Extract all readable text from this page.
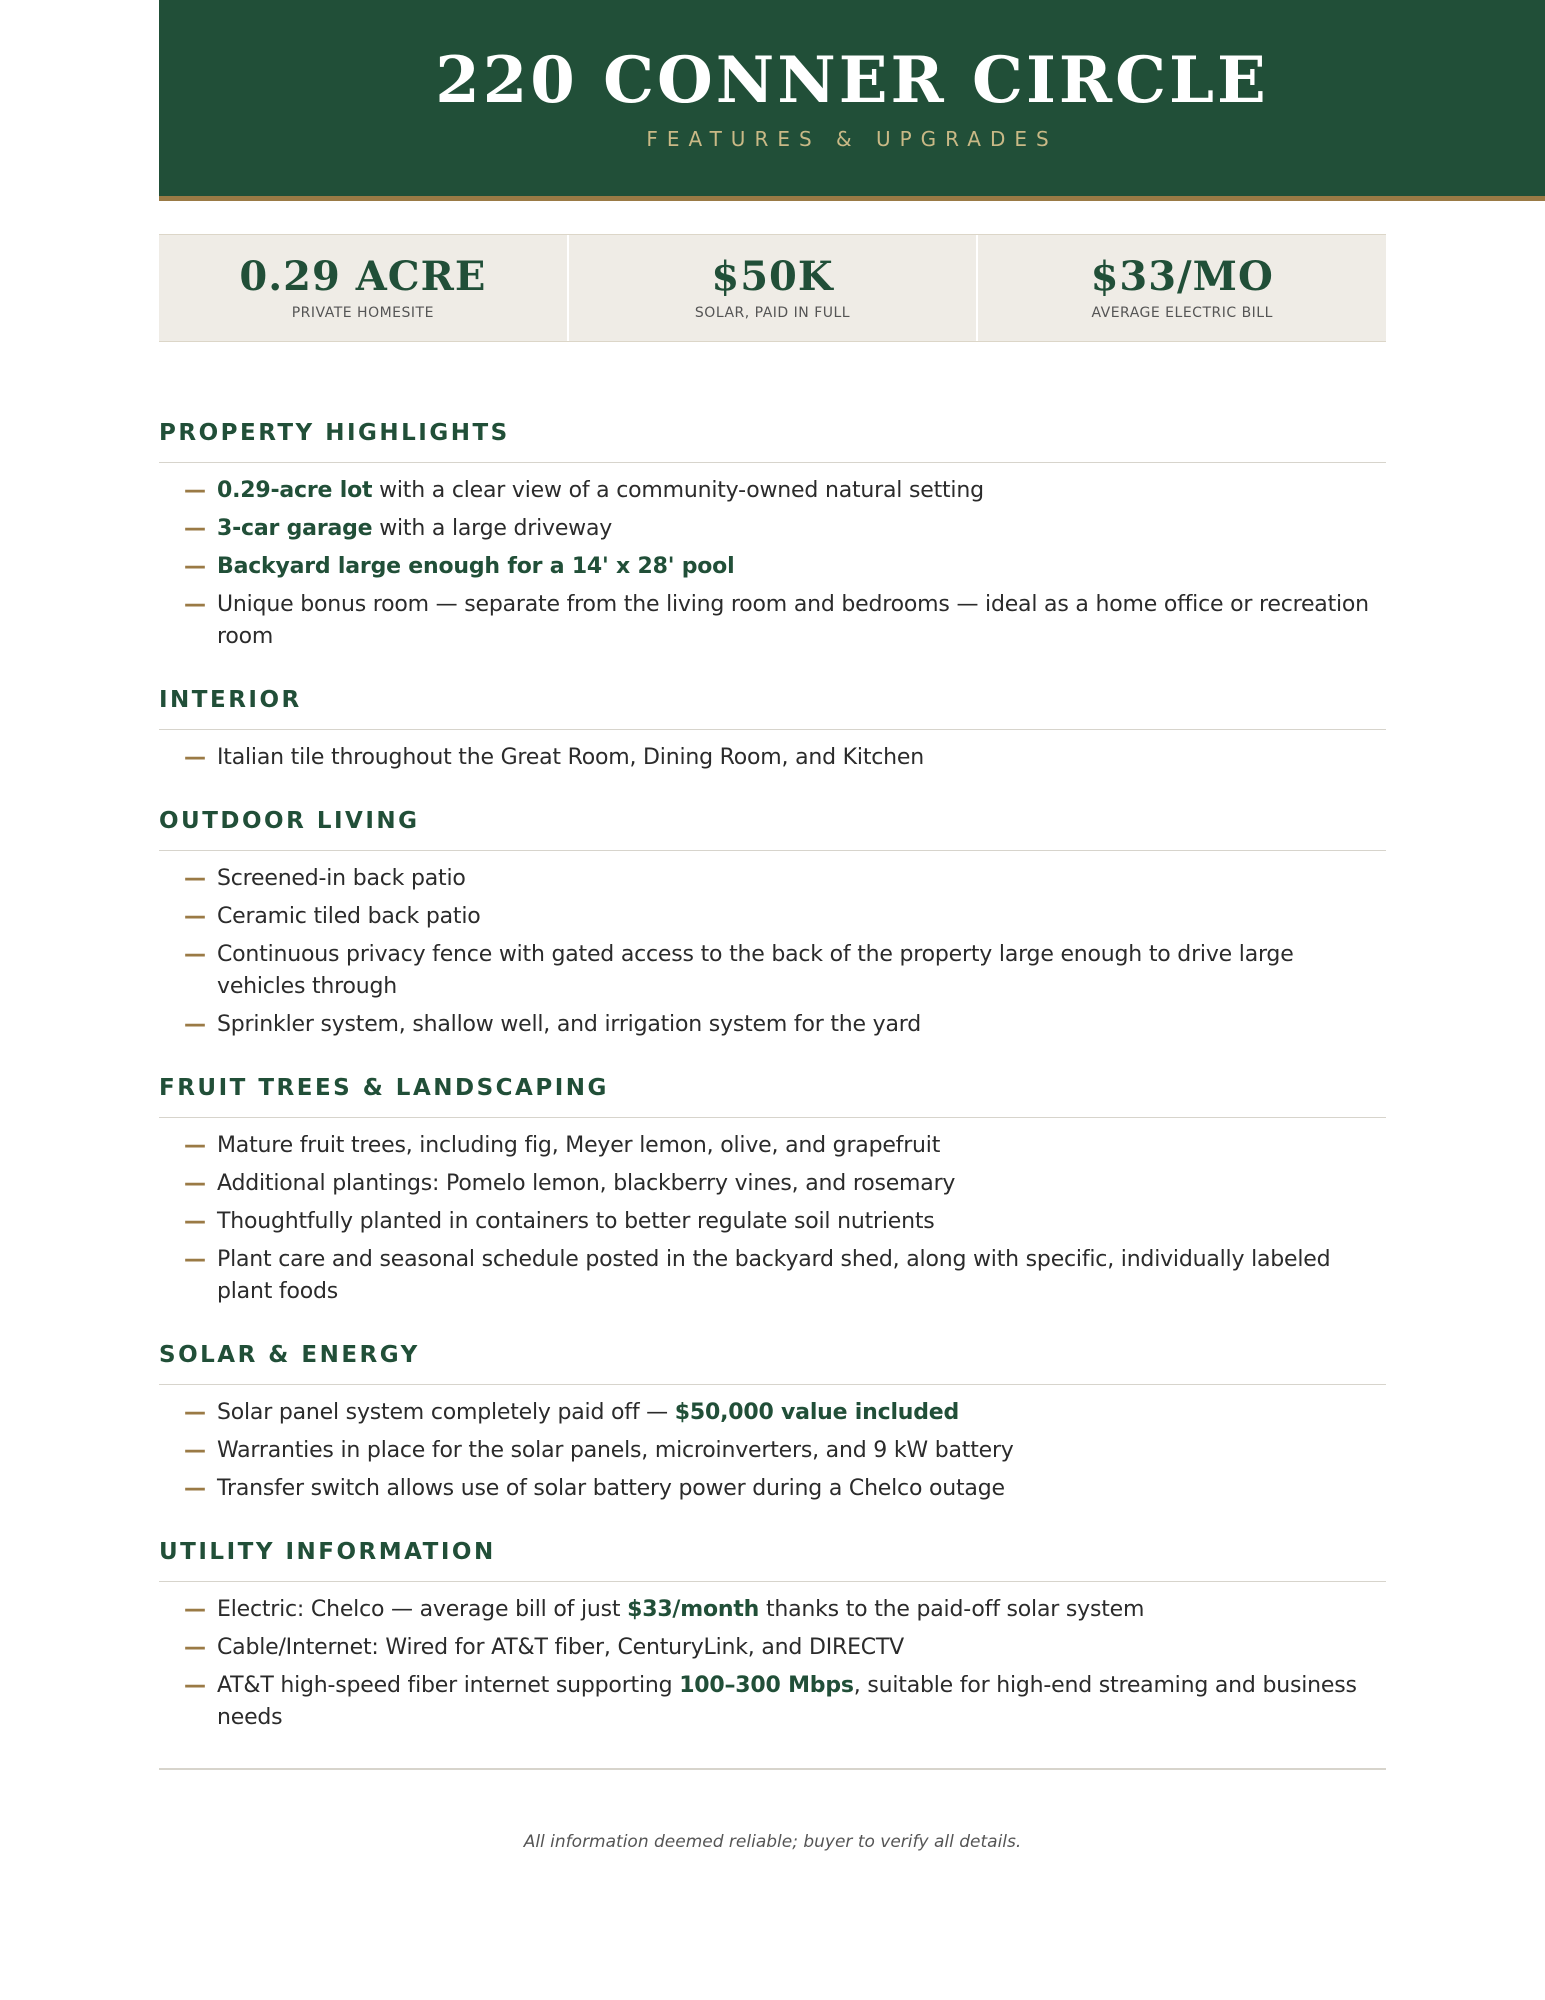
220 CONNER CIRCLE
FEATURES & UPGRADES
0.29 ACRE
PRIVATE HOMESITE
$50K
SOLAR, PAID IN FULL
$33/MO
AVERAGE ELECTRIC BILL
PROPERTY HIGHLIGHTS
— 0.29-acre lot with a clear view of a community-owned natural setting
— 3-car garage with a large driveway
— Backyard large enough for a 14' x 28' pool
— Unique bonus room — separate from the living room and bedrooms — ideal as a home office or recreation room
INTERIOR
— Italian tile throughout the Great Room, Dining Room, and Kitchen
OUTDOOR LIVING
— Screened-in back patio
— Ceramic tiled back patio
— Continuous privacy fence with gated access to the back of the property large enough to drive large vehicles through
— Sprinkler system, shallow well, and irrigation system for the yard
FRUIT TREES & LANDSCAPING
— Mature fruit trees, including fig, Meyer lemon, olive, and grapefruit
— Additional plantings: Pomelo lemon, blackberry vines, and rosemary
— Thoughtfully planted in containers to better regulate soil nutrients
— Plant care and seasonal schedule posted in the backyard shed, along with specific, individually labeled plant foods
SOLAR & ENERGY
— Solar panel system completely paid off — $50,000 value included
— Warranties in place for the solar panels, microinverters, and 9 kW battery
— Transfer switch allows use of solar battery power during a Chelco outage
UTILITY INFORMATION
— Electric: Chelco — average bill of just $33/month thanks to the paid-off solar system
— Cable/Internet: Wired for AT&T fiber, CenturyLink, and DIRECTV
— AT&T high-speed fiber internet supporting 100–300 Mbps, suitable for high-end streaming and business needs
All information deemed reliable; buyer to verify all details.
